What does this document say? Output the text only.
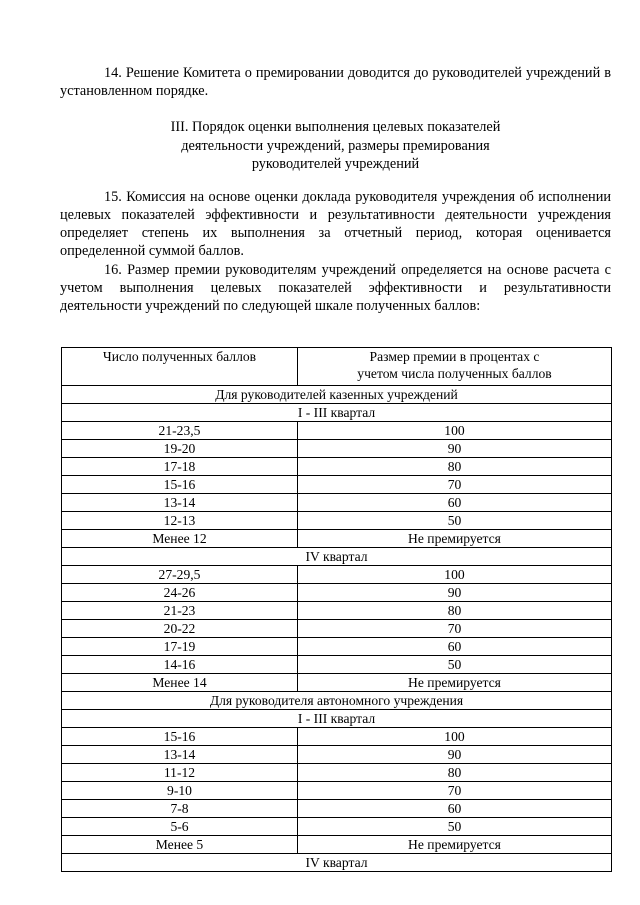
14. Решение Комитета о премировании доводится до руководителей учреждений в установленном порядке.

III. Порядок оценки выполнения целевых показателей
деятельности учреждений, размеры премирования
руководителей учреждений

15. Комиссия на основе оценки доклада руководителя учреждения об исполнении целевых показателей эффективности и результативности деятельности учреждения определяет степень их выполнения за отчетный период, которая оценивается определенной суммой баллов.

16. Размер премии руководителям учреждений определяется на основе расчета с учетом выполнения целевых показателей эффективности и результативности деятельности учреждений по следующей шкале полученных баллов:

Число полученных баллов	Размер премии в процентах с
учетом числа полученных баллов

Для руководителей казенных учреждений	
I - III квартал	
21-23,5	100
19-20	90
17-18	80
15-16	70
13-14	60
12-13	50
Менее 12	Не премируется
IV квартал	
27-29,5	100
24-26	90
21-23	80
20-22	70
17-19	60
14-16	50
Менее 14	Не премируется
Для руководителя автономного учреждения	
I - III квартал	
15-16	100
13-14	90
11-12	80
9-10	70
7-8	60
5-6	50
Менее 5	Не премируется
IV квартал	
